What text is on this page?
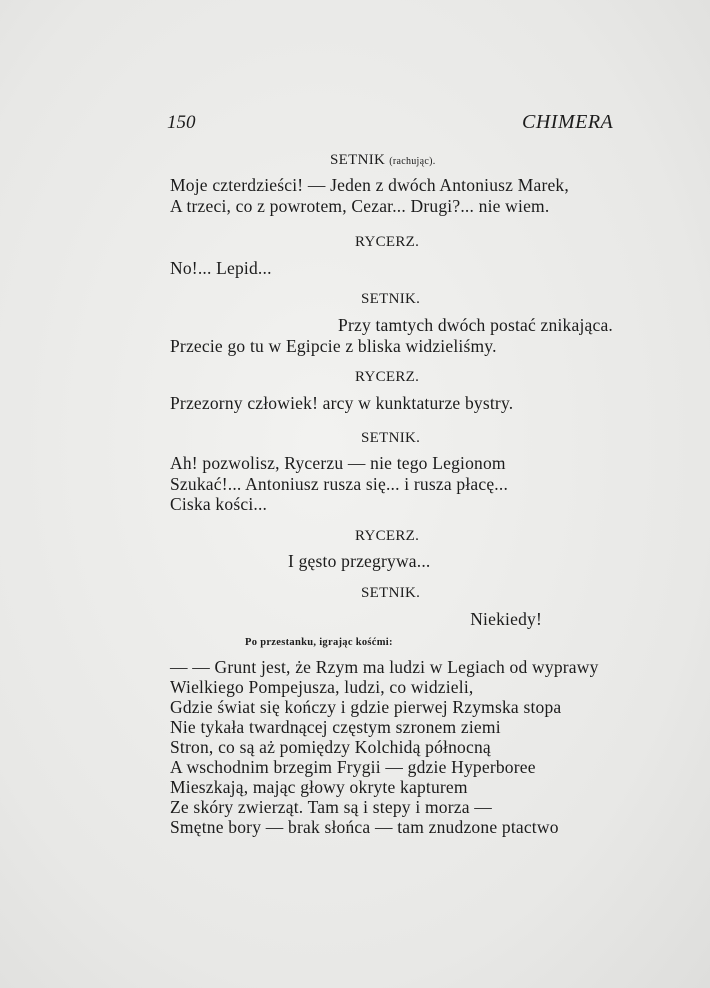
150	CHIMERA
SETNIK (rachując).
Moje czterdzieści! — Jeden z dwóch Antoniusz Marek,
A trzeci, co z powrotem, Cezar... Drugi?... nie wiem.
RYCERZ.
No!... Lepid...
SETNIK.
Przy tamtych dwóch postać znikająca.
Przecie go tu w Egipcie z bliska widzieliśmy.
RYCERZ.
Przezorny człowiek! arcy w kunktaturze bystry.
SETNIK.
Ah! pozwolisz, Rycerzu — nie tego Legionom
Szukać!... Antoniusz rusza się... i rusza płacę...
Ciska kości...
RYCERZ.
I gęsto przegrywa...
SETNIK.
Niekiedy!
Po przestanku, igrając kośćmi:
— — Grunt jest, że Rzym ma ludzi w Legiach od wyprawy
Wielkiego Pompejusza, ludzi, co widzieli,
Gdzie świat się kończy i gdzie pierwej Rzymska stopa
Nie tykała twardnącej częstym szronem ziemi
Stron, co są aż pomiędzy Kolchidą północną
A wschodnim brzegim Frygii — gdzie Hyperboree
Mieszkają, mając głowy okryte kapturem
Ze skóry zwierząt. Tam są i stepy i morza —
Smętne bory — brak słońca — tam znudzone ptactwo
